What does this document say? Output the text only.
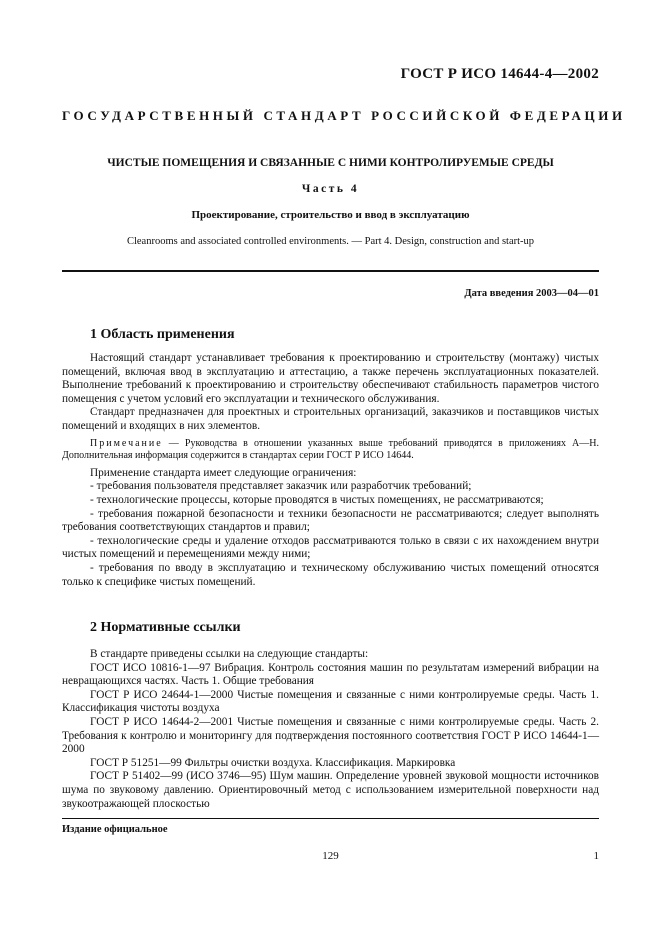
ГОСТ Р ИСО 14644-4—2002
ГОСУДАРСТВЕННЫЙ СТАНДАРТ РОССИЙСКОЙ ФЕДЕРАЦИИ
ЧИСТЫЕ ПОМЕЩЕНИЯ И СВЯЗАННЫЕ С НИМИ КОНТРОЛИРУЕМЫЕ СРЕДЫ
Часть 4
Проектирование, строительство и ввод в эксплуатацию
Cleanrooms and associated controlled environments. — Part 4. Design, construction and start-up
Дата введения 2003—04—01
1 Область применения

Настоящий стандарт устанавливает требования к проектированию и строительству (монтажу) чистых помещений, включая ввод в эксплуатацию и аттестацию, а также перечень эксплуатационных показателей. Выполнение требований к проектированию и строительству обеспечивают стабильность параметров чистого помещения с учетом условий его эксплуатации и технического обслуживания.

Стандарт предназначен для проектных и строительных организаций, заказчиков и поставщиков чистых помещений и входящих в них элементов.

Примечание — Руководства в отношении указанных выше требований приводятся в приложениях А—Н. Дополнительная информация содержится в стандартах серии ГОСТ Р ИСО 14644.

Применение стандарта имеет следующие ограничения:

- требования пользователя представляет заказчик или разработчик требований;

- технологические процессы, которые проводятся в чистых помещениях, не рассматриваются;

- требования пожарной безопасности и техники безопасности не рассматриваются; следует выполнять требования соответствующих стандартов и правил;

- технологические среды и удаление отходов рассматриваются только в связи с их нахождением внутри чистых помещений и перемещениями между ними;

- требования по вводу в эксплуатацию и техническому обслуживанию чистых помещений относятся только к специфике чистых помещений.

2 Нормативные ссылки

В стандарте приведены ссылки на следующие стандарты:

ГОСТ ИСО 10816-1—97 Вибрация. Контроль состояния машин по результатам измерений вибрации на невращающихся частях. Часть 1. Общие требования

ГОСТ Р ИСО 24644-1—2000 Чистые помещения и связанные с ними контролируемые среды. Часть 1. Классификация чистоты воздуха

ГОСТ Р ИСО 14644-2—2001 Чистые помещения и связанные с ними контролируемые среды. Часть 2. Требования к контролю и мониторингу для подтверждения постоянного соответствия ГОСТ Р ИСО 14644-1—2000

ГОСТ Р 51251—99 Фильтры очистки воздуха. Классификация. Маркировка

ГОСТ Р 51402—99 (ИСО 3746—95) Шум машин. Определение уровней звуковой мощности источников шума по звуковому давлению. Ориентировочный метод с использованием измерительной поверхности над звукоотражающей плоскостью

Издание официальное
129	1
